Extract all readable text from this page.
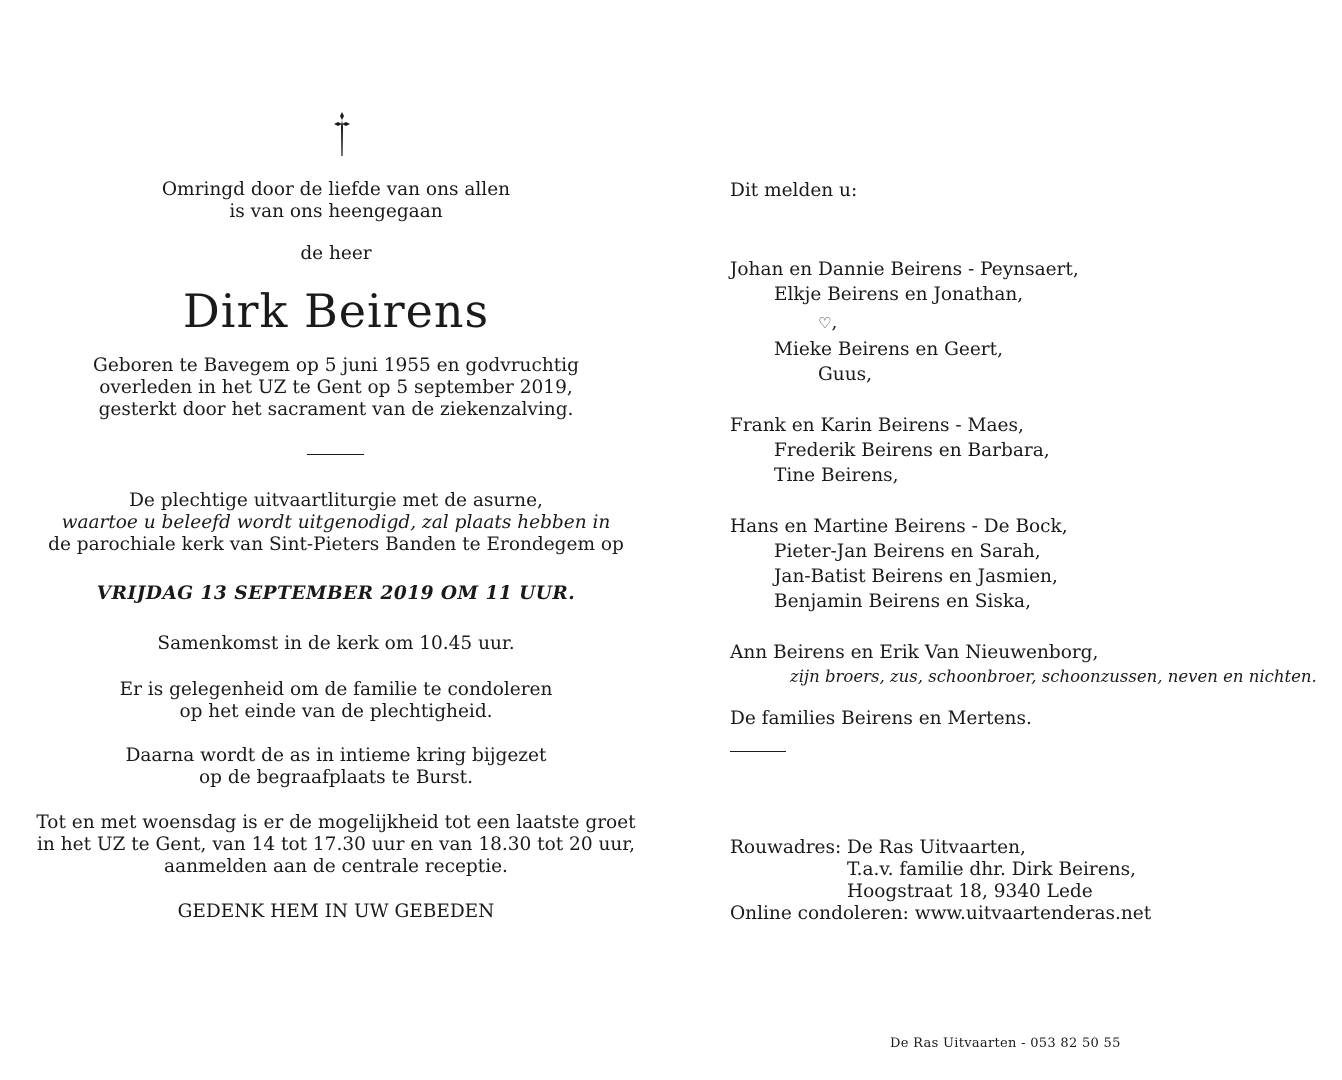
Omringd door de liefde van ons allen
is van ons heengegaan
de heer
Dirk Beirens
Geboren te Bavegem op 5 juni 1955 en godvruchtig
overleden in het UZ te Gent op 5 september 2019,
gesterkt door het sacrament van de ziekenzalving.
De plechtige uitvaartliturgie met de asurne,
waartoe u beleefd wordt uitgenodigd, zal plaats hebben in
de parochiale kerk van Sint-Pieters Banden te Erondegem op
VRIJDAG 13 SEPTEMBER 2019 OM 11 UUR.
Samenkomst in de kerk om 10.45 uur.
Er is gelegenheid om de familie te condoleren
op het einde van de plechtigheid.
Daarna wordt de as in intieme kring bijgezet
op de begraafplaats te Burst.
Tot en met woensdag is er de mogelijkheid tot een laatste groet
in het UZ te Gent, van 14 tot 17.30 uur en van 18.30 tot 20 uur,
aanmelden aan de centrale receptie.
GEDENK HEM IN UW GEBEDEN
Dit melden u:
Johan en Dannie Beirens - Peynsaert,
Elkje Beirens en Jonathan,
♡,
Mieke Beirens en Geert,
Guus,
Frank en Karin Beirens - Maes,
Frederik Beirens en Barbara,
Tine Beirens,
Hans en Martine Beirens - De Bock,
Pieter-Jan Beirens en Sarah,
Jan-Batist Beirens en Jasmien,
Benjamin Beirens en Siska,
Ann Beirens en Erik Van Nieuwenborg,
zijn broers, zus, schoonbroer, schoonzussen, neven en nichten.
De families Beirens en Mertens.
Rouwadres: De Ras Uitvaarten,
T.a.v. familie dhr. Dirk Beirens,
Hoogstraat 18, 9340 Lede
Online condoleren: www.uitvaartenderas.net
De Ras Uitvaarten - 053 82 50 55
